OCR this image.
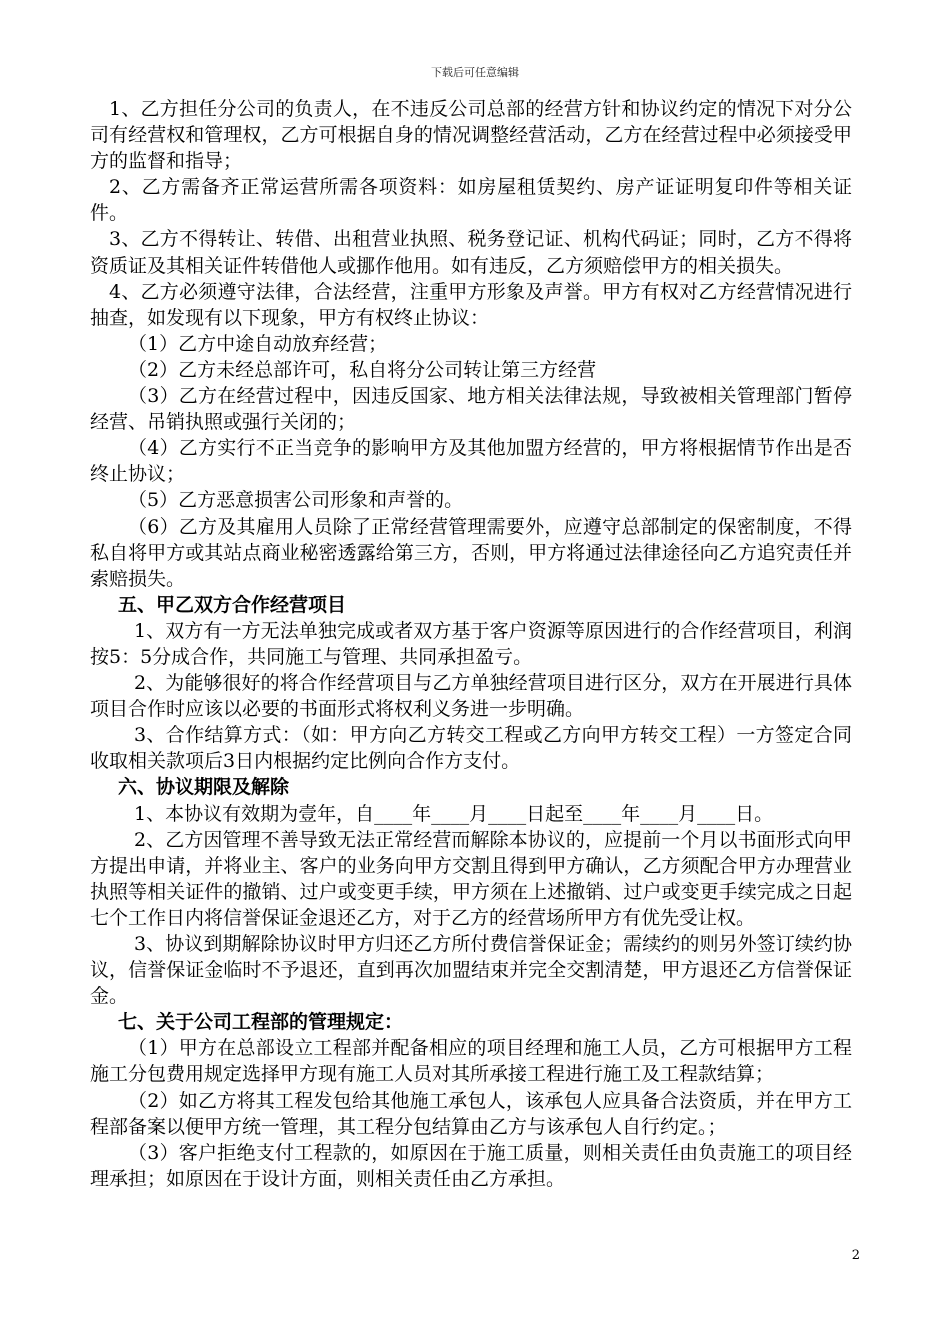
下载后可任意编辑

1、乙方担任分公司的负责人，在不违反公司总部的经营方针和协议约定的情况下对分公司有经营权和管理权，乙方可根据自身的情况调整经营活动，乙方在经营过程中必须接受甲方的监督和指导；

2、乙方需备齐正常运营所需各项资料：如房屋租赁契约、房产证证明复印件等相关证件。

3、乙方不得转让、转借、出租营业执照、税务登记证、机构代码证；同时，乙方不得将资质证及其相关证件转借他人或挪作他用。如有违反，乙方须赔偿甲方的相关损失。

4、乙方必须遵守法律，合法经营，注重甲方形象及声誉。甲方有权对乙方经营情况进行抽查，如发现有以下现象，甲方有权终止协议：

（1）乙方中途自动放弃经营；

（2）乙方未经总部许可，私自将分公司转让第三方经营

（3）乙方在经营过程中，因违反国家、地方相关法律法规，导致被相关管理部门暂停经营、吊销执照或强行关闭的；

（4）乙方实行不正当竞争的影响甲方及其他加盟方经营的，甲方将根据情节作出是否终止协议；

（5）乙方恶意损害公司形象和声誉的。

（6）乙方及其雇用人员除了正常经营管理需要外，应遵守总部制定的保密制度，不得私自将甲方或其站点商业秘密透露给第三方，否则，甲方将通过法律途径向乙方追究责任并索赔损失。

五、甲乙双方合作经营项目

1、双方有一方无法单独完成或者双方基于客户资源等原因进行的合作经营项目，利润按5：5分成合作，共同施工与管理、共同承担盈亏。

2、为能够很好的将合作经营项目与乙方单独经营项目进行区分，双方在开展进行具体项目合作时应该以必要的书面形式将权利义务进一步明确。

3、合作结算方式：（如：甲方向乙方转交工程或乙方向甲方转交工程）一方签定合同收取相关款项后3日内根据约定比例向合作方支付。

六、协议期限及解除

1、本协议有效期为壹年，自____年____月____日起至____年____月____日。

2、乙方因管理不善导致无法正常经营而解除本协议的，应提前一个月以书面形式向甲方提出申请，并将业主、客户的业务向甲方交割且得到甲方确认，乙方须配合甲方办理营业执照等相关证件的撤销、过户或变更手续，甲方须在上述撤销、过户或变更手续完成之日起七个工作日内将信誉保证金退还乙方，对于乙方的经营场所甲方有优先受让权。

3、协议到期解除协议时甲方归还乙方所付费信誉保证金；需续约的则另外签订续约协议，信誉保证金临时不予退还，直到再次加盟结束并完全交割清楚，甲方退还乙方信誉保证金。

七、关于公司工程部的管理规定：

（1）甲方在总部设立工程部并配备相应的项目经理和施工人员，乙方可根据甲方工程施工分包费用规定选择甲方现有施工人员对其所承接工程进行施工及工程款结算；

（2）如乙方将其工程发包给其他施工承包人，该承包人应具备合法资质，并在甲方工程部备案以便甲方统一管理，其工程分包结算由乙方与该承包人自行约定。；

（3）客户拒绝支付工程款的，如原因在于施工质量，则相关责任由负责施工的项目经理承担；如原因在于设计方面，则相关责任由乙方承担。

2
